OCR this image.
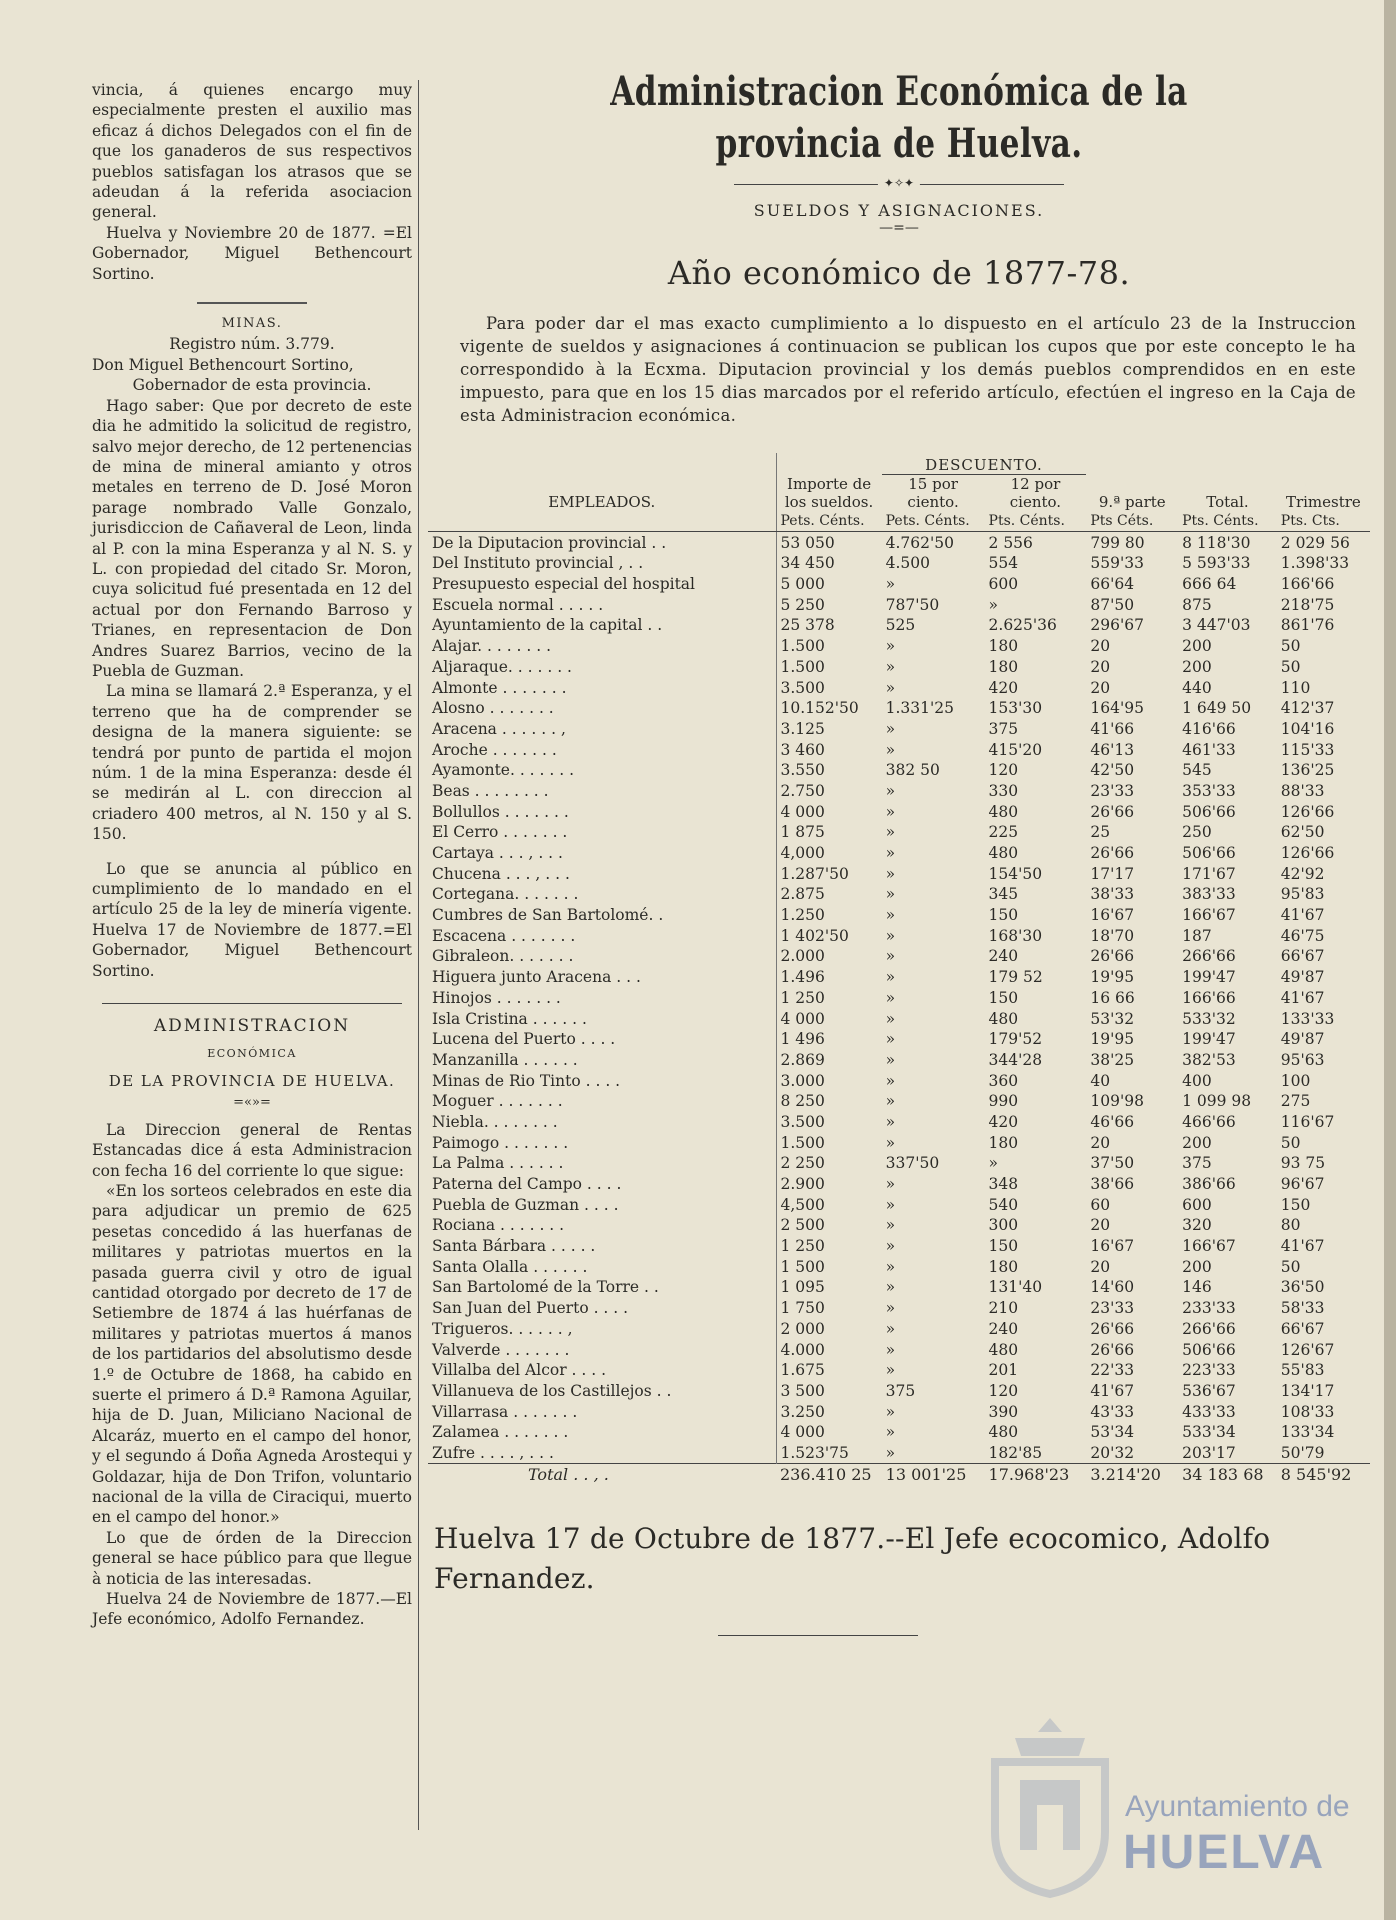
vincia, á quienes encargo muy especialmente presten el auxilio mas eficaz á dichos Delegados con el fin de que los ganaderos de sus respectivos pueblos satisfagan los atrasos que se adeudan á la referida asociacion general.

Huelva y Noviembre 20 de 1877. =El Gobernador, Miguel Bethencourt Sortino.

MINAS.

Registro núm. 3.779.

Don Miguel Bethencourt Sortino,

Gobernador de esta provincia.

Hago saber: Que por decreto de este dia he admitido la solicitud de registro, salvo mejor derecho, de 12 pertenencias de mina de mineral amianto y otros metales en terreno de D. José Moron parage nombrado Valle Gonzalo, jurisdiccion de Cañaveral de Leon, linda al P. con la mina Esperanza y al N. S. y L. con propiedad del citado Sr. Moron, cuya solicitud fué presentada en 12 del actual por don Fernando Barroso y Trianes, en representacion de Don Andres Suarez Barrios, vecino de la Puebla de Guzman.

La mina se llamará 2.ª Esperanza, y el terreno que ha de comprender se designa de la manera siguiente: se tendrá por punto de partida el mojon núm. 1 de la mina Esperanza: desde él se medirán al L. con direccion al criadero 400 metros, al N. 150 y al S. 150.

Lo que se anuncia al público en cumplimiento de lo mandado en el artículo 25 de la ley de minería vigente. Huelva 17 de Noviembre de 1877.=El Gobernador, Miguel Bethencourt Sortino.

ADMINISTRACION
ECONÓMICA
DE LA PROVINCIA DE HUELVA.
=«»=

La Direccion general de Rentas Estancadas dice á esta Administracion con fecha 16 del corriente lo que sigue:

«En los sorteos celebrados en este dia para adjudicar un premio de 625 pesetas concedido á las huerfanas de militares y patriotas muertos en la pasada guerra civil y otro de igual cantidad otorgado por decreto de 17 de Setiembre de 1874 á las huérfanas de militares y patriotas muertos á manos de los partidarios del absolutismo desde 1.º de Octubre de 1868, ha cabido en suerte el primero á D.ª Ramona Aguilar, hija de D. Juan, Miliciano Nacional de Alcaráz, muerto en el campo del honor, y el segundo á Doña Agneda Arostequi y Goldazar, hija de Don Trifon, voluntario nacional de la villa de Ciraciqui, muerto en el campo del honor.»

Lo que de órden de la Direccion general se hace público para que llegue à noticia de las interesadas.

Huelva 24 de Noviembre de 1877.—El Jefe económico, Adolfo Fernandez.

Administracion Económica de la provincia de Huelva.
✦✧✦

SUELDOS Y ASIGNACIONES.

—=—

Año económico de 1877-78.

Para poder dar el mas exacto cumplimiento a lo dispuesto en el artículo 23 de la Instruccion vigente de sueldos y asignaciones á continuacion se publican los cupos que por este concepto le ha correspondido à la Ecxma. Diputacion provincial y los demás pueblos comprendidos en en este impuesto, para que en los 15 dias marcados por el referido artículo, efectúen el ingreso en la Caja de esta Administracion económica.

EMPLEADOS.	Importe de los sueldos.	DESCUENTO.		9.ª parte	Total.	Trimestre
		15 por ciento.	12 por ciento.			
	Pets. Cénts.	Pets. Cénts.	Pts. Cénts.	Pts Céts.	Pts. Cénts.	Pts. Cts.
De la Diputacion provincial . .	53 050	4.762'50	2 556	799 80	8 118'30	2 029 56
Del Instituto provincial , . .	34 450	4.500	554	559'33	5 593'33	1.398'33
Presupuesto especial del hospital	5 000	»	600	66'64	666 64	166'66
Escuela normal . . . . .	5 250	787'50	»	87'50	875	218'75
Ayuntamiento de la capital . .	25 378	525	2.625'36	296'67	3 447'03	861'76
Alajar. . . . . . . .	1.500	»	180	20	200	50
Aljaraque. . . . . . .	1.500	»	180	20	200	50
Almonte . . . . . . .	3.500	»	420	20	440	110
Alosno . . . . . . .	10.152'50	1.331'25	153'30	164'95	1 649 50	412'37
Aracena . . . . . . ,	3.125	»	375	41'66	416'66	104'16
Aroche . . . . . . .	3 460	»	415'20	46'13	461'33	115'33
Ayamonte. . . . . . .	3.550	382 50	120	42'50	545	136'25
Beas . . . . . . . .	2.750	»	330	23'33	353'33	88'33
Bollullos . . . . . . .	4 000	»	480	26'66	506'66	126'66
El Cerro . . . . . . .	1 875	»	225	25	250	62'50
Cartaya . . . , . . .	4,000	»	480	26'66	506'66	126'66
Chucena . . . , . . .	1.287'50	»	154'50	17'17	171'67	42'92
Cortegana. . . . . . .	2.875	»	345	38'33	383'33	95'83
Cumbres de San Bartolomé. .	1.250	»	150	16'67	166'67	41'67
Escacena . . . . . . .	1 402'50	»	168'30	18'70	187	46'75
Gibraleon. . . . . . .	2.000	»	240	26'66	266'66	66'67
Higuera junto Aracena . . .	1.496	»	179 52	19'95	199'47	49'87
Hinojos . . . . . . .	1 250	»	150	16 66	166'66	41'67
Isla Cristina . . . . . .	4 000	»	480	53'32	533'32	133'33
Lucena del Puerto . . . .	1 496	»	179'52	19'95	199'47	49'87
Manzanilla . . . . . .	2.869	»	344'28	38'25	382'53	95'63
Minas de Rio Tinto . . . .	3.000	»	360	40	400	100
Moguer . . . . . . .	8 250	»	990	109'98	1 099 98	275
Niebla. . . . . . . .	3.500	»	420	46'66	466'66	116'67
Paimogo . . . . . . .	1.500	»	180	20	200	50
La Palma . . . . . .	2 250	337'50	»	37'50	375	93 75
Paterna del Campo . . . .	2.900	»	348	38'66	386'66	96'67
Puebla de Guzman . . . .	4,500	»	540	60	600	150
Rociana . . . . . . .	2 500	»	300	20	320	80
Santa Bárbara . . . . .	1 250	»	150	16'67	166'67	41'67
Santa Olalla . . . . . .	1 500	»	180	20	200	50
San Bartolomé de la Torre . .	1 095	»	131'40	14'60	146	36'50
San Juan del Puerto . . . .	1 750	»	210	23'33	233'33	58'33
Trigueros. . . . . . ,	2 000	»	240	26'66	266'66	66'67
Valverde . . . . . . .	4.000	»	480	26'66	506'66	126'67
Villalba del Alcor . . . .	1.675	»	201	22'33	223'33	55'83
Villanueva de los Castillejos . .	3 500	375	120	41'67	536'67	134'17
Villarrasa . . . . . . .	3.250	»	390	43'33	433'33	108'33
Zalamea . . . . . . .	4 000	»	480	53'34	533'34	133'34
Zufre . . . . , . . .	1.523'75	»	182'85	20'32	203'17	50'79
Total . . , .	236.410 25	13 001'25	17.968'23	3.214'20	34 183 68	8 545'92
Huelva 17 de Octubre de 1877.--El Jefe ecocomico, Adolfo Fernandez.
Ayuntamiento de
HUELVA
